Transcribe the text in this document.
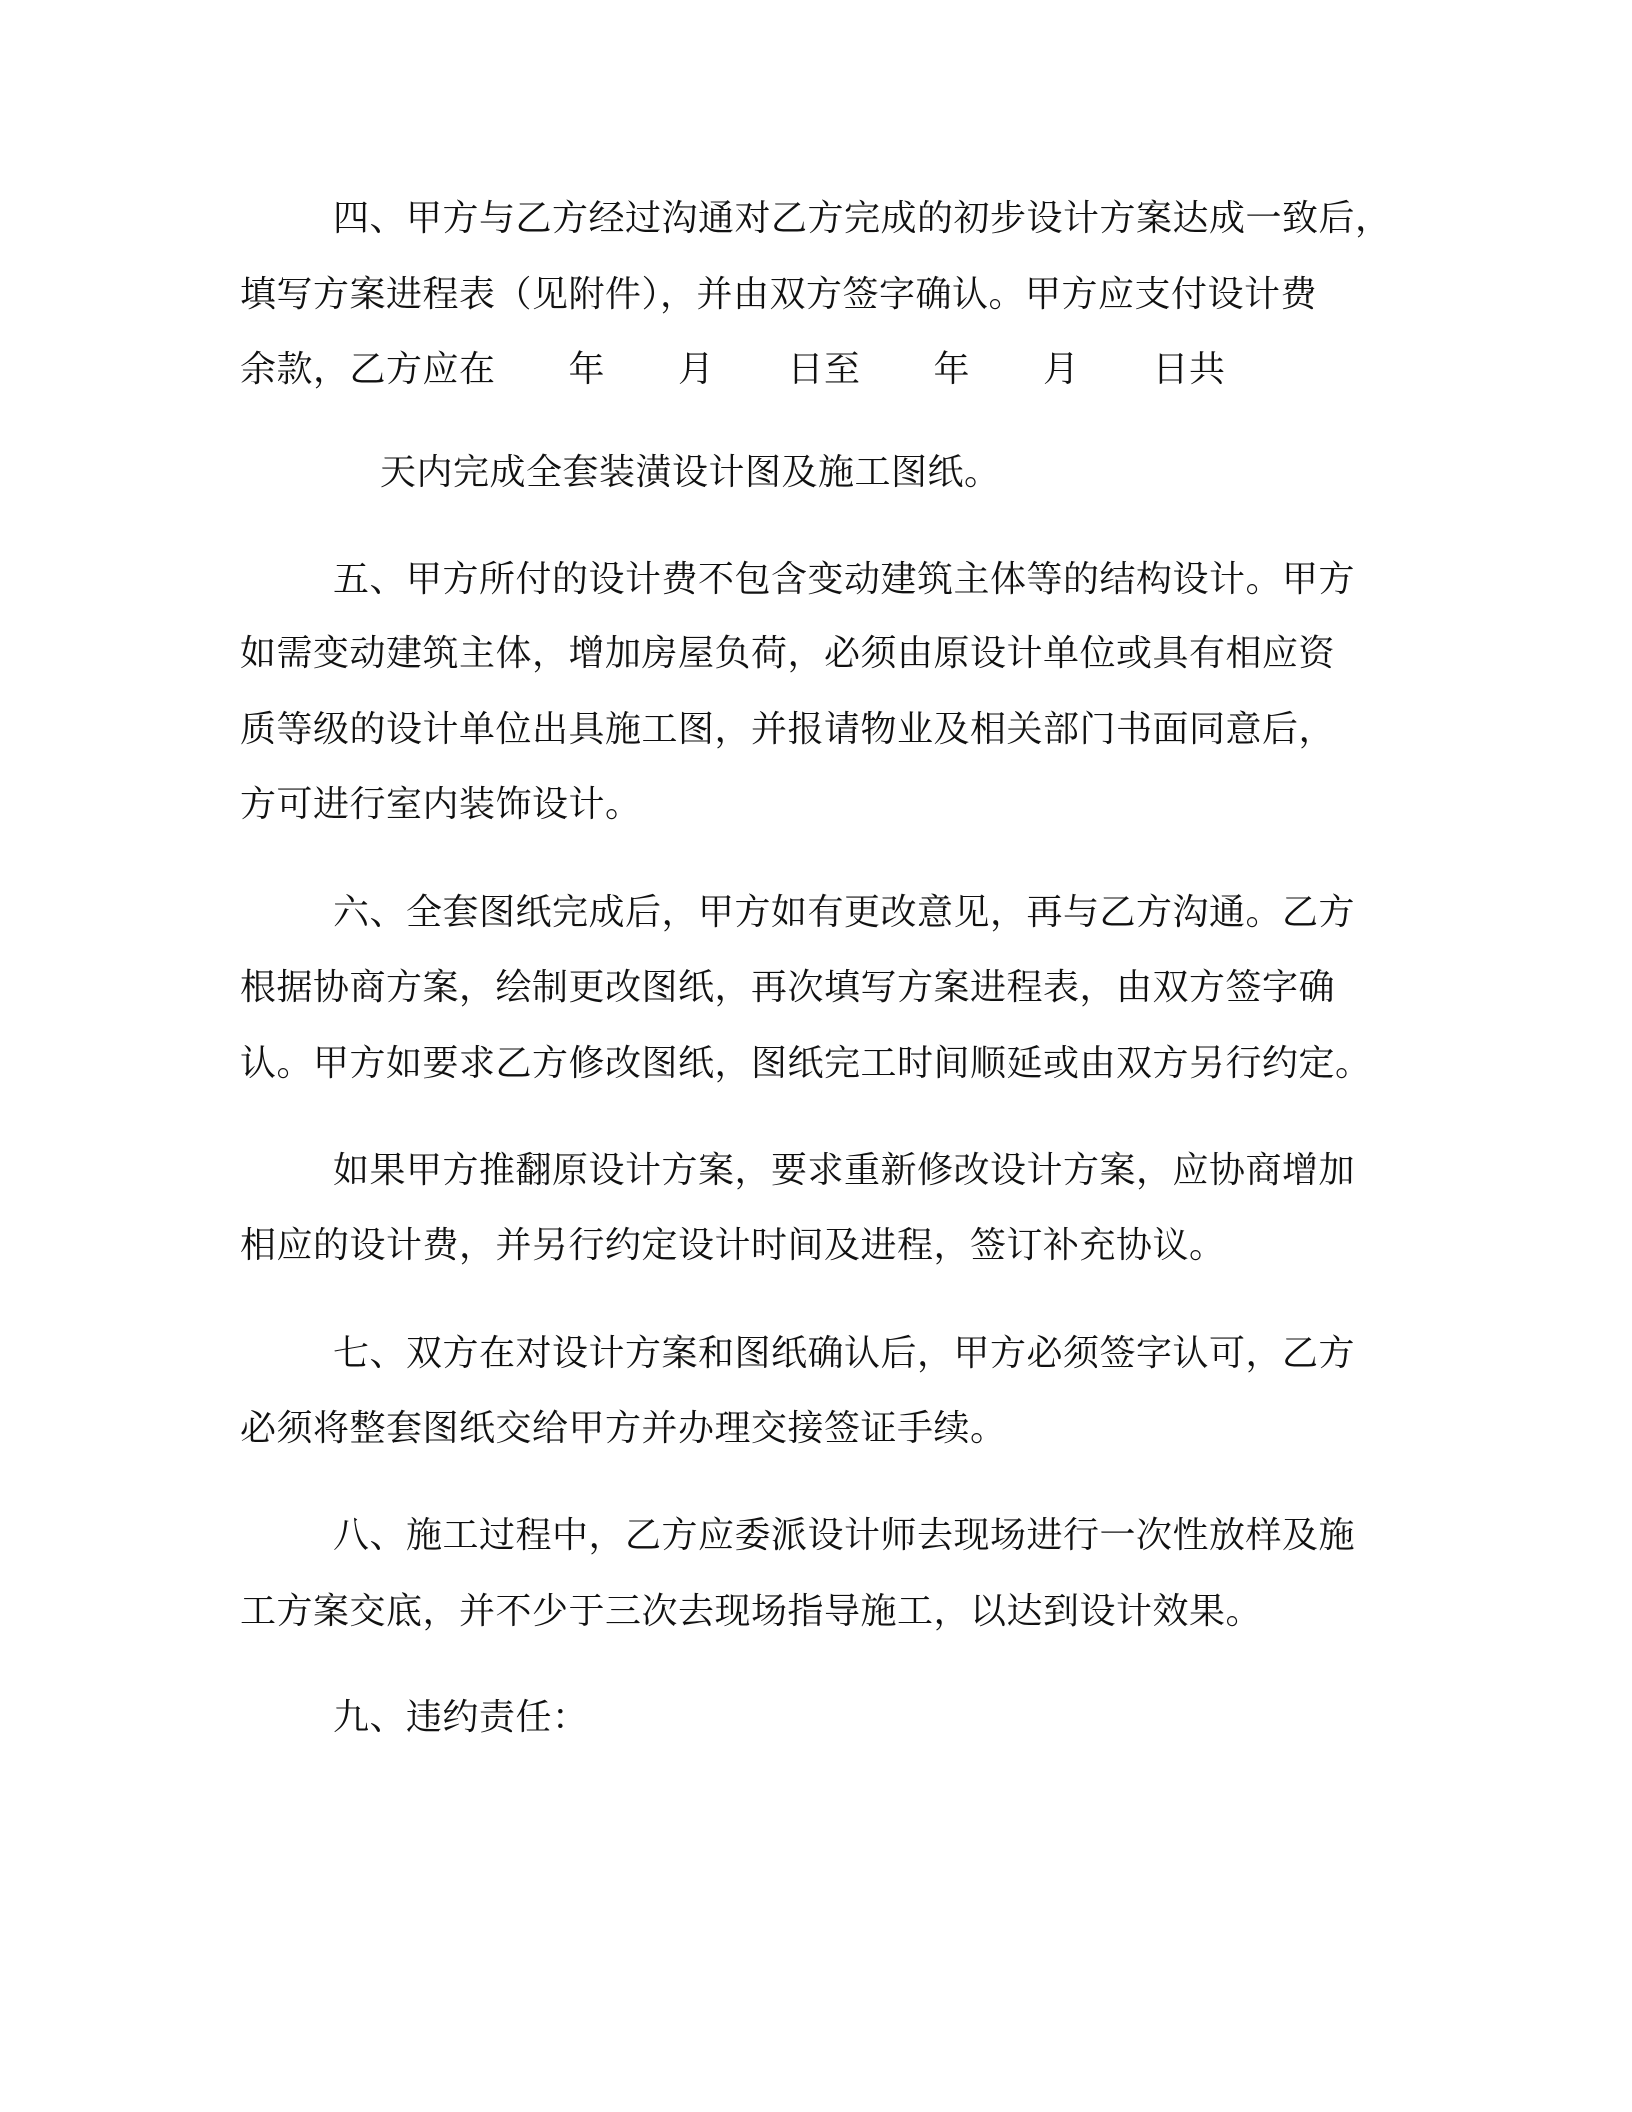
四、甲方与乙方经过沟通对乙方完成的初步设计方案达成一致后，
填写方案进程表（见附件），并由双方签字确认。甲方应支付设计费
余款，乙方应在　　年　　月　　日至　　年　　月　　日共
天内完成全套装潢设计图及施工图纸。
五、甲方所付的设计费不包含变动建筑主体等的结构设计。甲方
如需变动建筑主体，增加房屋负荷，必须由原设计单位或具有相应资
质等级的设计单位出具施工图，并报请物业及相关部门书面同意后，
方可进行室内装饰设计。
六、全套图纸完成后，甲方如有更改意见，再与乙方沟通。乙方
根据协商方案，绘制更改图纸，再次填写方案进程表，由双方签字确
认。甲方如要求乙方修改图纸，图纸完工时间顺延或由双方另行约定。
如果甲方推翻原设计方案，要求重新修改设计方案，应协商增加
相应的设计费，并另行约定设计时间及进程，签订补充协议。
七、双方在对设计方案和图纸确认后，甲方必须签字认可，乙方
必须将整套图纸交给甲方并办理交接签证手续。
八、施工过程中，乙方应委派设计师去现场进行一次性放样及施
工方案交底，并不少于三次去现场指导施工，以达到设计效果。
九、违约责任：
